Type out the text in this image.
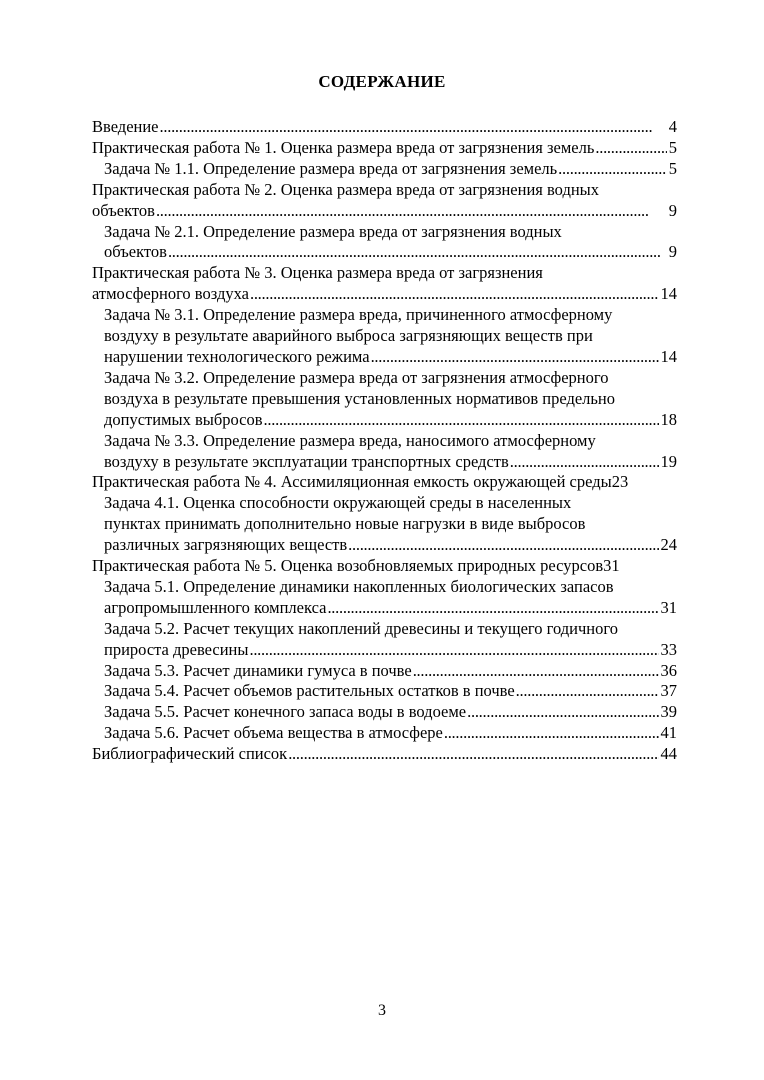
СОДЕРЖАНИЕ
Введение . . .	4
Практическая работа № 1. Оценка размера вреда от загрязнения земель . . .	5
Задача № 1.1. Определение размера вреда от загрязнения земель . . .	5
Практическая работа № 2. Оценка размера вреда от загрязнения водных
объектов . . .	9
Задача № 2.1. Определение размера вреда от загрязнения водных
объектов . . .	9
Практическая работа № 3. Оценка размера вреда от загрязнения
атмосферного воздуха . . .	14
Задача № 3.1. Определение размера вреда, причиненного атмосферному
воздуху в результате аварийного выброса загрязняющих веществ при
нарушении технологического режима . . .	14
Задача № 3.2. Определение размера вреда от загрязнения атмосферного
воздуха в результате превышения установленных нормативов предельно
допустимых выбросов . . .	18
Задача № 3.3. Определение размера вреда, наносимого атмосферному
воздуху в результате эксплуатации транспортных средств . . .	19
Практическая работа № 4. Ассимиляционная емкость окружающей среды 23
Задача 4.1. Оценка способности окружающей среды в населенных
пунктах принимать дополнительно новые нагрузки в виде выбросов
различных загрязняющих веществ . . .	24
Практическая работа № 5. Оценка возобновляемых природных ресурсов 31
Задача 5.1. Определение динамики накопленных биологических запасов
агропромышленного комплекса . . .	31
Задача 5.2. Расчет текущих накоплений древесины и текущего годичного
прироста древесины . . .	33
Задача 5.3. Расчет динамики гумуса в почве . . .	36
Задача 5.4. Расчет объемов растительных остатков в почве . . .	37
Задача 5.5. Расчет конечного запаса воды в водоеме . . .	39
Задача 5.6. Расчет объема вещества в атмосфере . . .	41
Библиографический список . . .	44
3
